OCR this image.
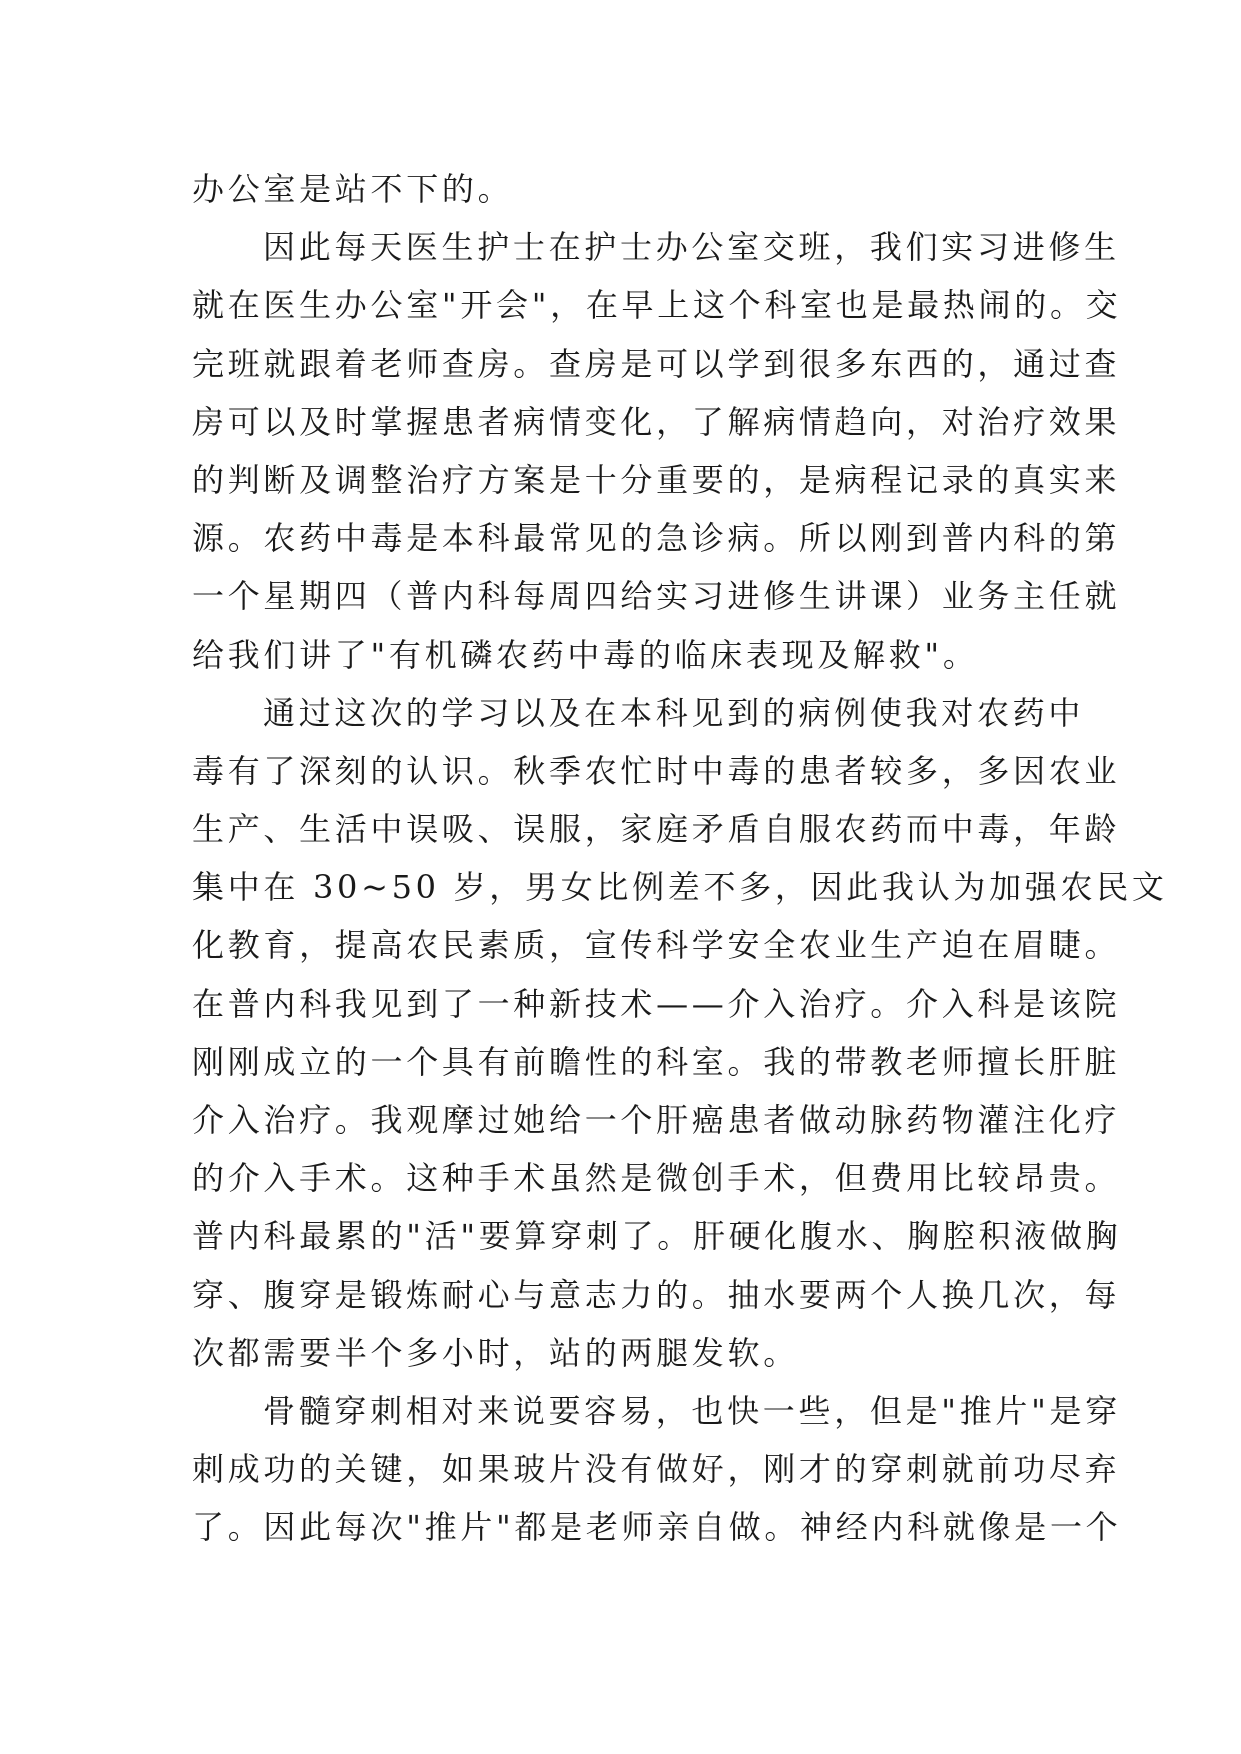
办公室是站不下的。
因此每天医生护士在护士办公室交班，我们实习进修生
就在医生办公室"开会"，在早上这个科室也是最热闹的。交
完班就跟着老师查房。查房是可以学到很多东西的，通过查
房可以及时掌握患者病情变化，了解病情趋向，对治疗效果
的判断及调整治疗方案是十分重要的，是病程记录的真实来
源。农药中毒是本科最常见的急诊病。所以刚到普内科的第
一个星期四（普内科每周四给实习进修生讲课）业务主任就
给我们讲了"有机磷农药中毒的临床表现及解救"。
通过这次的学习以及在本科见到的病例使我对农药中
毒有了深刻的认识。秋季农忙时中毒的患者较多，多因农业
生产、生活中误吸、误服，家庭矛盾自服农药而中毒，年龄
集中在 30~50 岁，男女比例差不多，因此我认为加强农民文
化教育，提高农民素质，宣传科学安全农业生产迫在眉睫。
在普内科我见到了一种新技术——介入治疗。介入科是该院
刚刚成立的一个具有前瞻性的科室。我的带教老师擅长肝脏
介入治疗。我观摩过她给一个肝癌患者做动脉药物灌注化疗
的介入手术。这种手术虽然是微创手术，但费用比较昂贵。
普内科最累的"活"要算穿刺了。肝硬化腹水、胸腔积液做胸
穿、腹穿是锻炼耐心与意志力的。抽水要两个人换几次，每
次都需要半个多小时，站的两腿发软。
骨髓穿刺相对来说要容易，也快一些，但是"推片"是穿
刺成功的关键，如果玻片没有做好，刚才的穿刺就前功尽弃
了。因此每次"推片"都是老师亲自做。神经内科就像是一个
